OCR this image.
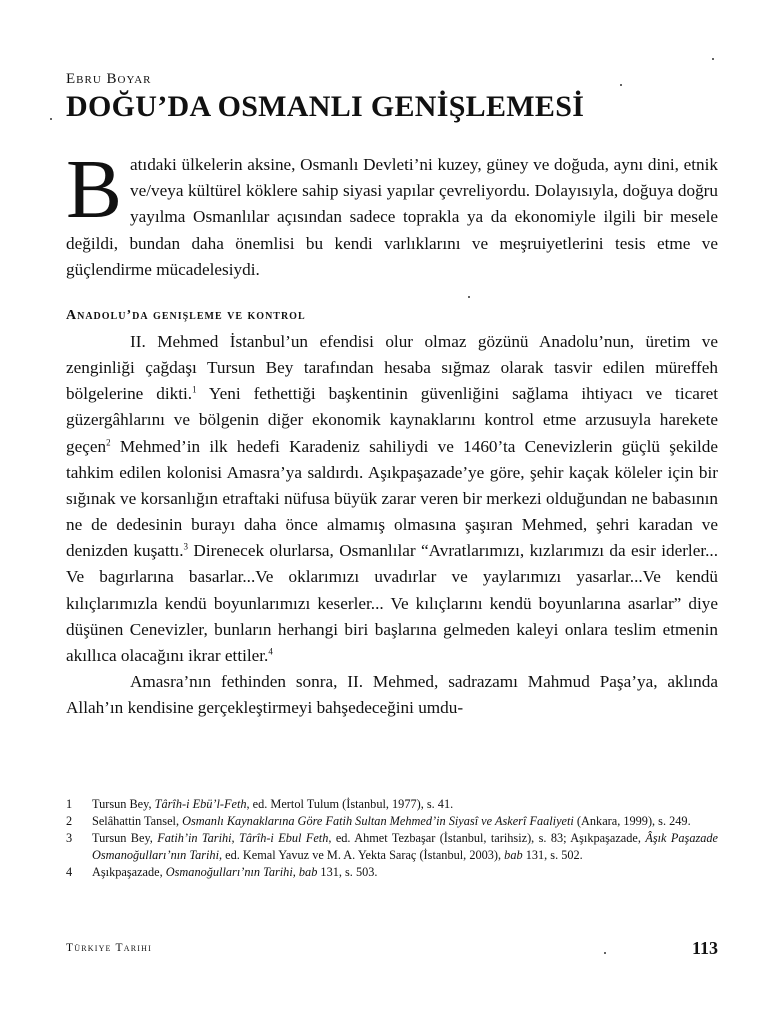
Ebru Boyar

DOĞU’DA OSMANLI GENİŞLEMESİ

Batıdaki ülkelerin aksine, Osmanlı Devleti’ni kuzey, güney ve doğuda, aynı dini, etnik ve/veya kültürel köklere sahip siyasi yapılar çevreliyordu. Dolayısıyla, doğuya doğru yayılma Osmanlılar açısından sadece toprakla ya da ekonomiyle ilgili bir mesele değildi, bundan daha önemlisi bu kendi varlıklarını ve meşruiyetlerini tesis etme ve güçlendirme mücadelesiydi.

Anadolu’da genişleme ve kontrol

II. Mehmed İstanbul’un efendisi olur olmaz gözünü Anadolu’nun, üretim ve zenginliği çağdaşı Tursun Bey tarafından hesaba sığmaz olarak tasvir edilen müreffeh bölgelerine dikti.$^1$ Yeni fethettiği başkentinin güvenliğini sağlama ihtiyacı ve ticaret güzergâhlarını ve bölgenin diğer ekonomik kaynaklarını kontrol etme arzusuyla harekete geçen$^2$ Mehmed’in ilk hedefi Karadeniz sahiliydi ve 1460’ta Cenevizlerin güçlü şekilde tahkim edilen kolonisi Amasra’ya saldırdı. Aşıkpaşazade’ye göre, şehir kaçak köleler için bir sığınak ve korsanlığın etraftaki nüfusa büyük zarar veren bir merkezi olduğundan ne babasının ne de dedesinin burayı daha önce almamış olmasına şaşıran Mehmed, şehri karadan ve denizden kuşattı.$^3$ Direnecek olurlarsa, Osmanlılar “Avratlarımızı, kızlarımızı da esir iderler... Ve bagırlarına basarlar...Ve oklarımızı uvadırlar ve yaylarımızı yasarlar...Ve kendü kılıçlarımızla kendü boyunlarımızı keserler... Ve kılıçlarını kendü boyunlarına asarlar” diye düşünen Cenevizler, bunların herhangi biri başlarına gelmeden kaleyi onlara teslim etmenin akıllıca olacağını ikrar ettiler.$^4$

Amasra’nın fethinden sonra, II. Mehmed, sadrazamı Mahmud Paşa’ya, aklında Allah’ın kendisine gerçekleştirmeyi bahşedeceğini umdu-

1	Tursun Bey, Târîh-i Ebü’l-Feth, ed. Mertol Tulum (İstanbul, 1977), s. 41.
2	Selâhattin Tansel, Osmanlı Kaynaklarına Göre Fatih Sultan Mehmed’in Siyasî ve Askerî Faaliyeti (Ankara, 1999), s. 249.
3	Tursun Bey, Fatih’in Tarihi, Târîh-i Ebul Feth, ed. Ahmet Tezbaşar (İstanbul, tarihsiz), s. 83; Aşıkpaşazade, Âşık Paşazade Osmanoğulları’nın Tarihi, ed. Kemal Yavuz ve M. A. Yekta Saraç (İstanbul, 2003), bab 131, s. 502.
4	Aşıkpaşazade, Osmanoğulları’nın Tarihi, bab 131, s. 503.
Türkiye Tarihi	113
